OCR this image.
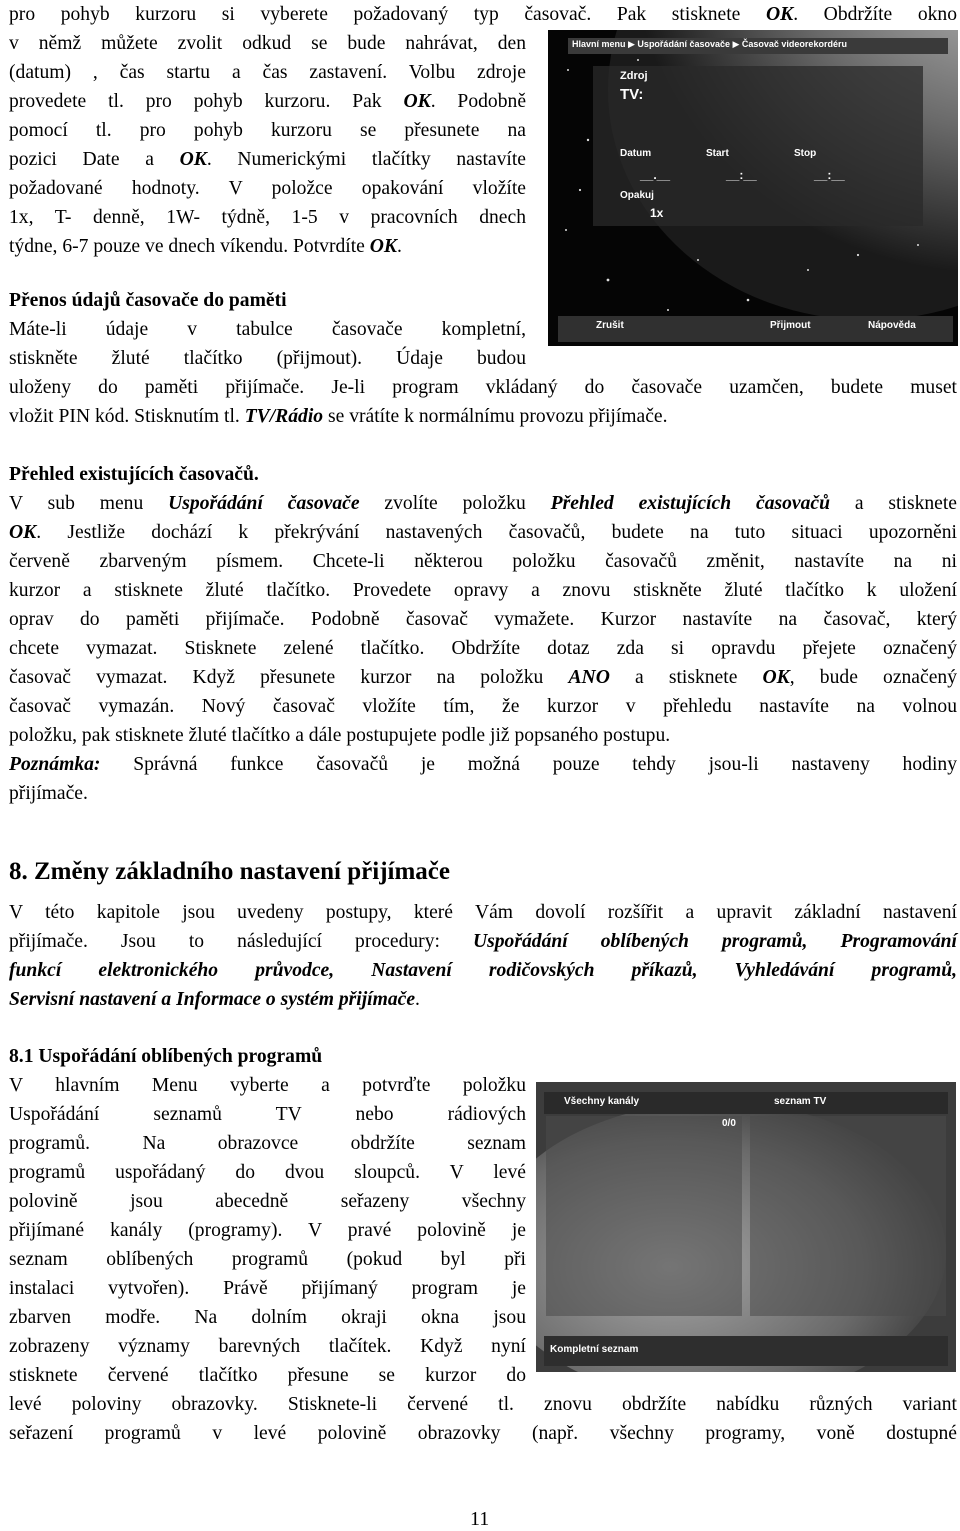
pro pohyb kurzoru si vyberete požadovaný typ časovač. Pak stisknete OK. Obdržíte okno
v němž můžete zvolit odkud se bude nahrávat, den
(datum) , čas startu a čas zastavení. Volbu zdroje
provedete tl. pro pohyb kurzoru. Pak OK. Podobně
pomocí tl. pro pohyb kurzoru se přesunete na
pozici Date a OK. Numerickými tlačítky nastavíte
požadované hodnoty. V položce opakování vložíte
1x, T- denně, 1W- týdně, 1-5 v pracovních dnech
týdne, 6-7 pouze ve dnech víkendu. Potvrdíte OK.
Přenos údajů časovače do paměti
Máte-li údaje v tabulce časovače kompletní,
stiskněte žluté tlačítko (přijmout). Údaje budou
uloženy do paměti přijímače. Je-li program vkládaný do časovače uzamčen, budete muset
vložit PIN kód. Stisknutím tl. TV/Rádio se vrátíte k normálnímu provozu přijímače.
Přehled existujících časovačů.
V sub menu Uspořádání časovače zvolíte položku Přehled existujících časovačů a stisknete
OK. Jestliže dochází k překrývání nastavených časovačů, budete na tuto situaci upozorněni
červeně zbarveným písmem. Chcete-li některou položku časovačů změnit, nastavíte na ni
kurzor a stisknete žluté tlačítko. Provedete opravy a znovu stiskněte žluté tlačítko k uložení
oprav do paměti přijímače. Podobně časovač vymažete. Kurzor nastavíte na časovač, který
chcete vymazat. Stisknete zelené tlačítko. Obdržíte dotaz zda si opravdu přejete označený
časovač vymazat. Když přesunete kurzor na položku ANO a stisknete OK, bude označený
časovač vymazán. Nový časovač vložíte tím, že kurzor v přehledu nastavíte na volnou
položku, pak stisknete žluté tlačítko a dále postupujete podle již popsaného postupu.
Poznámka: Správná funkce časovačů je možná pouze tehdy jsou-li nastaveny hodiny
přijímače.
8. Změny základního nastavení přijímače
V této kapitole jsou uvedeny postupy, které Vám dovolí rozšířit a upravit základní nastavení
přijímače. Jsou to následující procedury: Uspořádání oblíbených programů, Programování
funkcí elektronického průvodce, Nastavení rodičovských příkazů, Vyhledávání programů,
Servisní nastavení a Informace o systém přijímače.
8.1 Uspořádání oblíbených programů
V hlavním Menu vyberte a potvrďte položku
Uspořádání seznamů TV nebo rádiových
programů. Na obrazovce obdržíte seznam
programů uspořádaný do dvou sloupců. V levé
polovině jsou abecedně seřazeny všechny
přijímané kanály (programy). V pravé polovině je
seznam oblíbených programů (pokud byl při
instalaci vytvořen). Právě přijímaný program je
zbarven modře. Na dolním okraji okna jsou
zobrazeny významy barevných tlačítek. Když nyní
stisknete červené tlačítko přesune se kurzor do
levé poloviny obrazovky. Stisknete-li červené tl. znovu obdržíte nabídku různých variant
seřazení programů v levé polovině obrazovky (např. všechny programy, voně dostupné
Hlavní menu ▶ Uspořádání časovače ▶ Časovač videorekordéru
Zdroj
TV:
Datum	Start	Stop
__.__	__:__	__:__
Opakuj
1x
Zrušit	Přijmout	Nápověda
Všechny kanály	seznam TV
0/0
Kompletní seznam
11
